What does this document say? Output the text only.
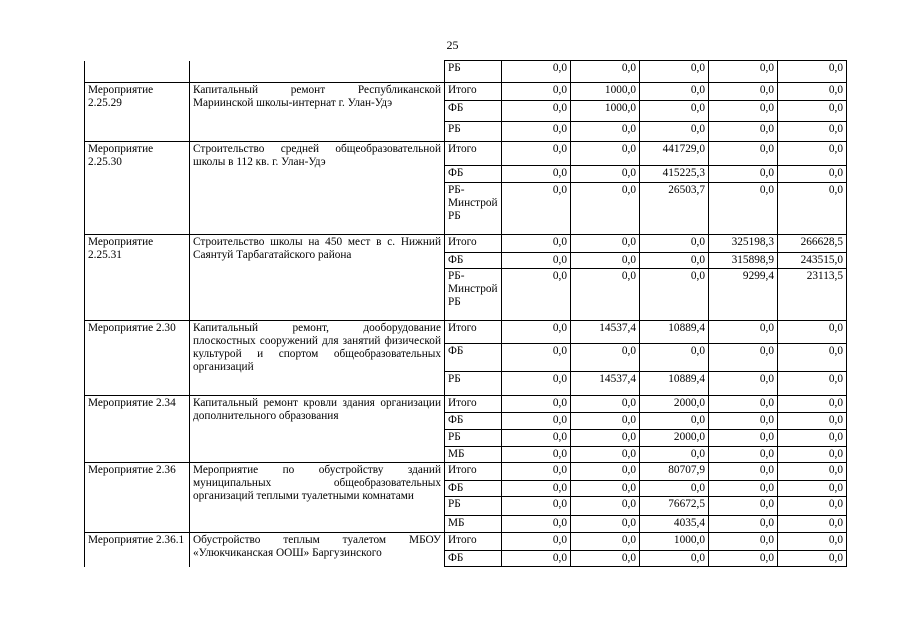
25
		РБ	0,0	0,0	0,0	0,0	0,0
Мероприятие 2.25.29	Капитальный ремонт Республиканской Мариинской школы-интернат г. Улан-Удэ	Итого	0,0	1000,0	0,0	0,0	0,0
		ФБ	0,0	1000,0	0,0	0,0	0,0
		РБ	0,0	0,0	0,0	0,0	0,0
Мероприятие 2.25.30	Строительство средней общеобразовательной школы в 112 кв. г. Улан-Удэ	Итого	0,0	0,0	441729,0	0,0	0,0
		ФБ	0,0	0,0	415225,3	0,0	0,0
		РБ-Минстрой РБ	0,0	0,0	26503,7	0,0	0,0
Мероприятие 2.25.31	Строительство школы на 450 мест в с. Нижний Саянтуй Тарбагатайского района	Итого	0,0	0,0	0,0	325198,3	266628,5
		ФБ	0,0	0,0	0,0	315898,9	243515,0
		РБ-Минстрой РБ	0,0	0,0	0,0	9299,4	23113,5
Мероприятие 2.30	Капитальный ремонт, дооборудование плоскостных сооружений для занятий физической культурой и спортом общеобразовательных организаций	Итого	0,0	14537,4	10889,4	0,0	0,0
		ФБ	0,0	0,0	0,0	0,0	0,0
		РБ	0,0	14537,4	10889,4	0,0	0,0
Мероприятие 2.34	Капитальный ремонт кровли здания организации дополнительного образования	Итого	0,0	0,0	2000,0	0,0	0,0
		ФБ	0,0	0,0	0,0	0,0	0,0
		РБ	0,0	0,0	2000,0	0,0	0,0
		МБ	0,0	0,0	0,0	0,0	0,0
Мероприятие 2.36	Мероприятие по обустройству зданий муниципальных общеобразовательных организаций теплыми туалетными комнатами	Итого	0,0	0,0	80707,9	0,0	0,0
		ФБ	0,0	0,0	0,0	0,0	0,0
		РБ	0,0	0,0	76672,5	0,0	0,0
		МБ	0,0	0,0	4035,4	0,0	0,0
Мероприятие 2.36.1	Обустройство теплым туалетом МБОУ «Улюкчиканская ООШ» Баргузинского	Итого	0,0	0,0	1000,0	0,0	0,0
		ФБ	0,0	0,0	0,0	0,0	0,0
